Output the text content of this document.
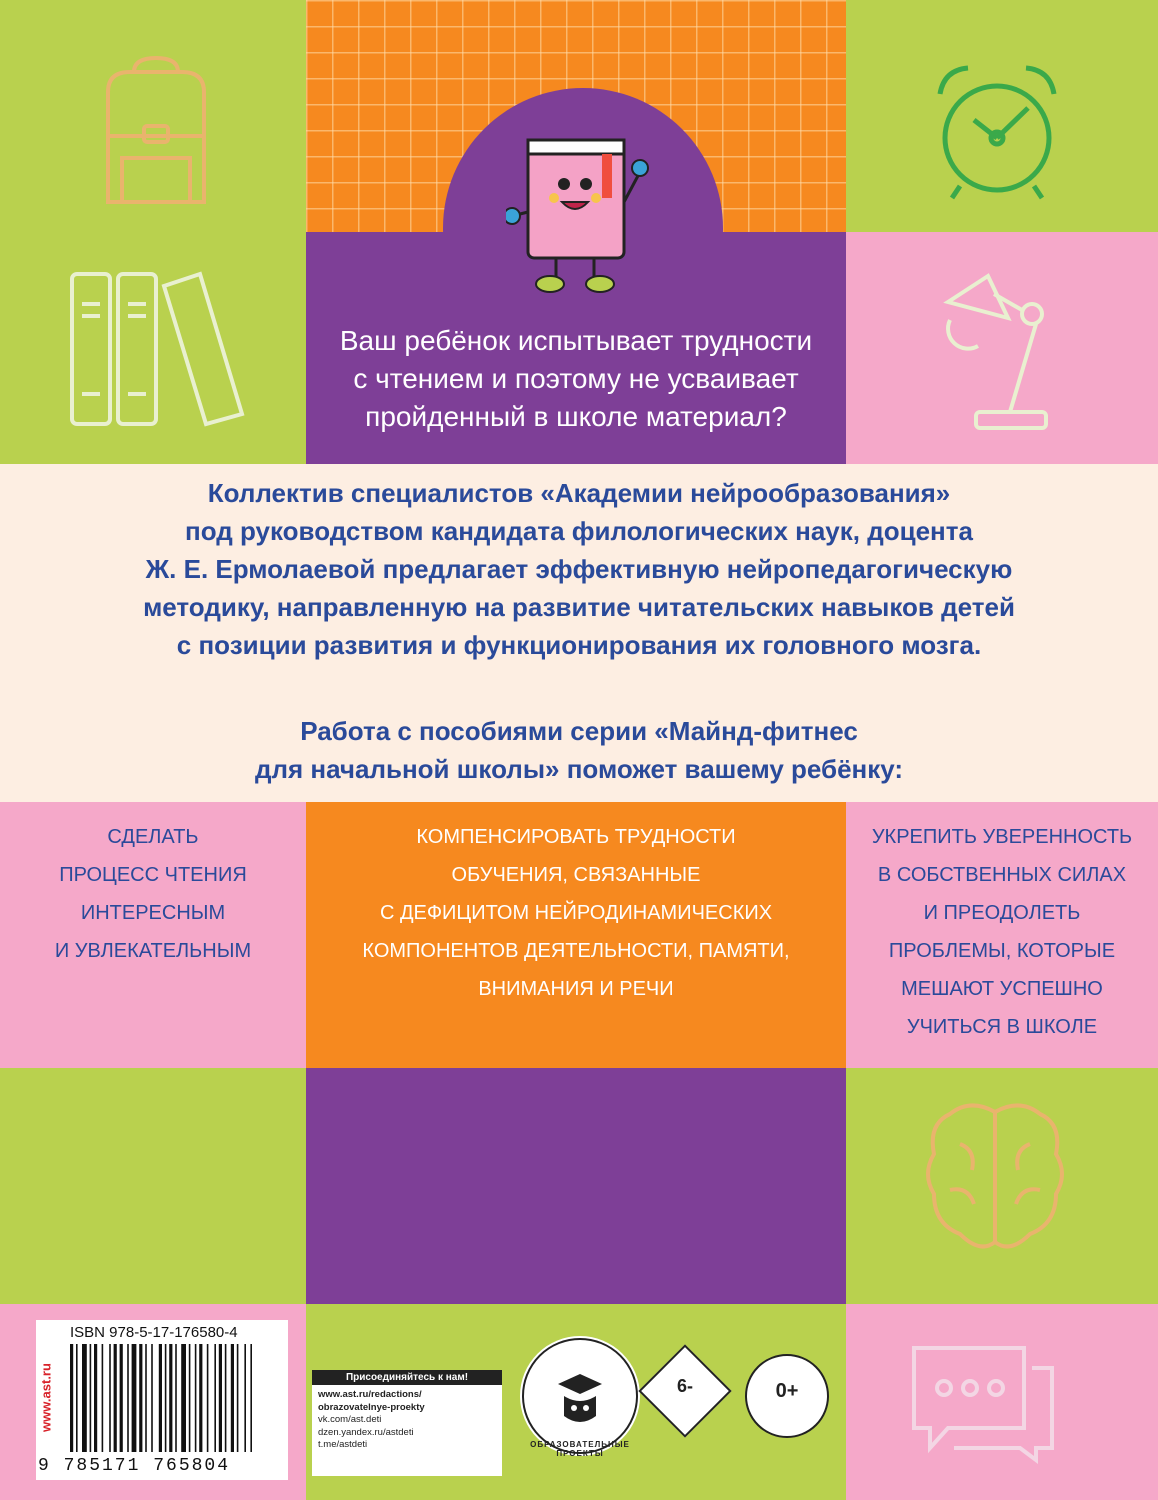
Ваш ребёнок испытывает трудности
с чтением и поэтому не усваивает
пройденный в школе материал?
Коллектив специалистов «Академии нейрообразования»
под руководством кандидата филологических наук, доцента
Ж. Е. Ермолаевой предлагает эффективную нейропедагогическую
методику, направленную на развитие читательских навыков детей
с позиции развития и функционирования их головного мозга.
Работа с пособиями серии «Майнд-фитнес
для начальной школы» поможет вашему ребёнку:
СДЕЛАТЬ
ПРОЦЕСС ЧТЕНИЯ
ИНТЕРЕСНЫМ
И УВЛЕКАТЕЛЬНЫМ
КОМПЕНСИРОВАТЬ ТРУДНОСТИ
ОБУЧЕНИЯ, СВЯЗАННЫЕ
С ДЕФИЦИТОМ НЕЙРОДИНАМИЧЕСКИХ
КОМПОНЕНТОВ ДЕЯТЕЛЬНОСТИ, ПАМЯТИ,
ВНИМАНИЯ И РЕЧИ
УКРЕПИТЬ УВЕРЕННОСТЬ
В СОБСТВЕННЫХ СИЛАХ
И ПРЕОДОЛЕТЬ
ПРОБЛЕМЫ, КОТОРЫЕ
МЕШАЮТ УСПЕШНО
УЧИТЬСЯ В ШКОЛЕ
ISBN 978-5-17-176580-4
9 785171 765804
www.ast.ru	Присоединяйтесь к нам!
www.ast.ru/redactions/
obrazovatelnye-proekty
vk.com/ast.deti
dzen.yandex.ru/astdeti
t.me/astdeti	ОБРАЗОВАТЕЛЬНЫЕ ПРОЕКТЫ
6-	0+
